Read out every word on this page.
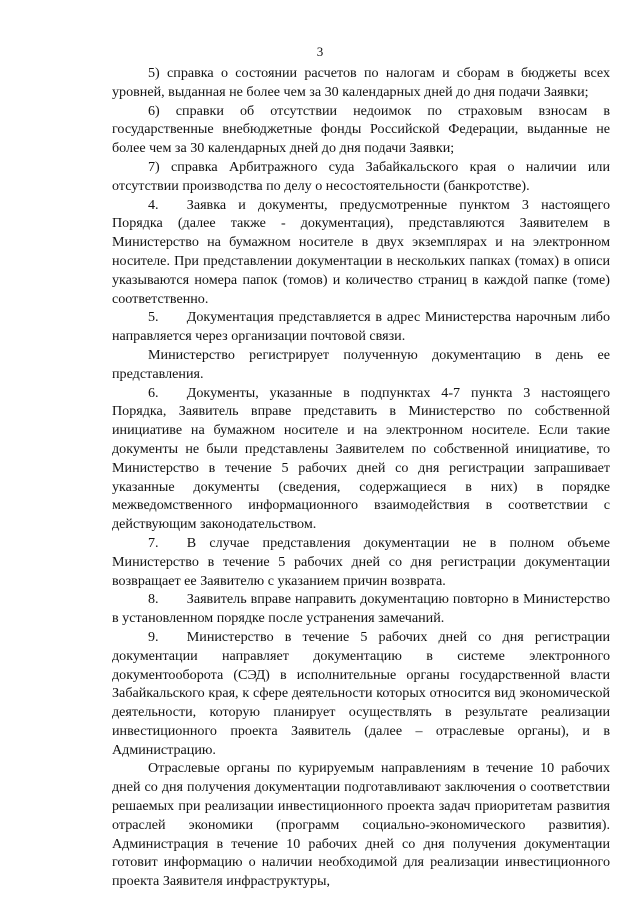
3

5) справка о состоянии расчетов по налогам и сборам в бюджеты всех уровней, выданная не более чем за 30 календарных дней до дня подачи Заявки;

6) справки об отсутствии недоимок по страховым взносам в государственные внебюджетные фонды Российской Федерации, выданные не более чем за 30 календарных дней до дня подачи Заявки;

7) справка Арбитражного суда Забайкальского края о наличии или отсутствии производства по делу о несостоятельности (банкротстве).

4.  Заявка и документы, предусмотренные пунктом 3 настоящего Порядка (далее также - документация), представляются Заявителем в Министерство на бумажном носителе в двух экземплярах и на электронном носителе. При представлении документации в нескольких папках (томах) в описи указываются номера папок (томов) и количество страниц в каждой папке (томе) соответственно.

5.  Документация представляется в адрес Министерства нарочным либо направляется через организации почтовой связи.

Министерство регистрирует полученную документацию в день ее представления.

6.  Документы, указанные в подпунктах 4-7 пункта 3 настоящего Порядка, Заявитель вправе представить в Министерство по собственной инициативе на бумажном носителе и на электронном носителе. Если такие документы не были представлены Заявителем по собственной инициативе, то Министерство в течение 5 рабочих дней со дня регистрации запрашивает указанные документы (сведения, содержащиеся в них) в порядке межведомственного информационного взаимодействия в соответствии с действующим законодательством.

7.  В случае представления документации не в полном объеме Министерство в течение 5 рабочих дней со дня регистрации документации возвращает ее Заявителю с указанием причин возврата.

8.  Заявитель вправе направить документацию повторно в Министерство в установленном порядке после устранения замечаний.

9.  Министерство в течение 5 рабочих дней со дня регистрации документации направляет документацию в системе электронного документооборота (СЭД) в исполнительные органы государственной власти Забайкальского края, к сфере деятельности которых относится вид экономической деятельности, которую планирует осуществлять в результате реализации инвестиционного проекта Заявитель (далее – отраслевые органы), и в Администрацию.

Отраслевые органы по курируемым направлениям в течение 10 рабочих дней со дня получения документации подготавливают заключения о соответствии решаемых при реализации инвестиционного проекта задач приоритетам развития отраслей экономики (программ социально-экономического развития). Администрация в течение 10 рабочих дней со дня получения документации готовит информацию о наличии необходимой для реализации инвестиционного проекта Заявителя инфраструктуры,
